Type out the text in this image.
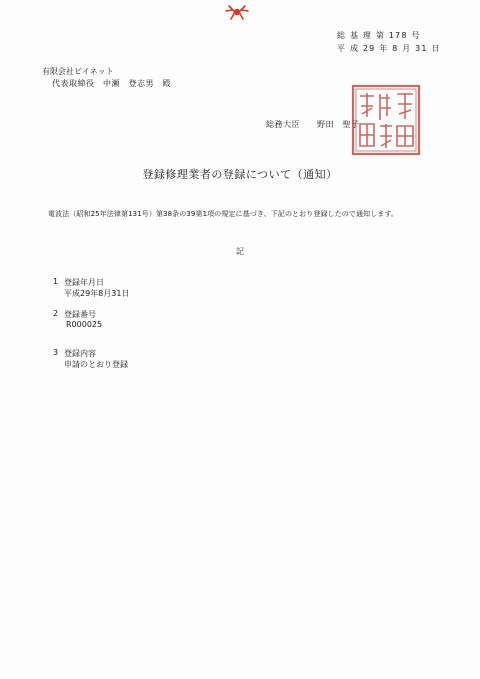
総 基 理 第 178 号
平 成 29 年 8 月 31 日
有限会社ビイネット
代表取締役　中瀬　登志男　殿
総務大臣　　野田　聖子
登録修理業者の登録について（通知）
電波法（昭和25年法律第131号）第38条の39第1項の規定に基づき、下記のとおり登録したので通知します。
記
1 登録年月日
平成29年8月31日
2 登録番号
R000025
3 登録内容
申請のとおり登録
